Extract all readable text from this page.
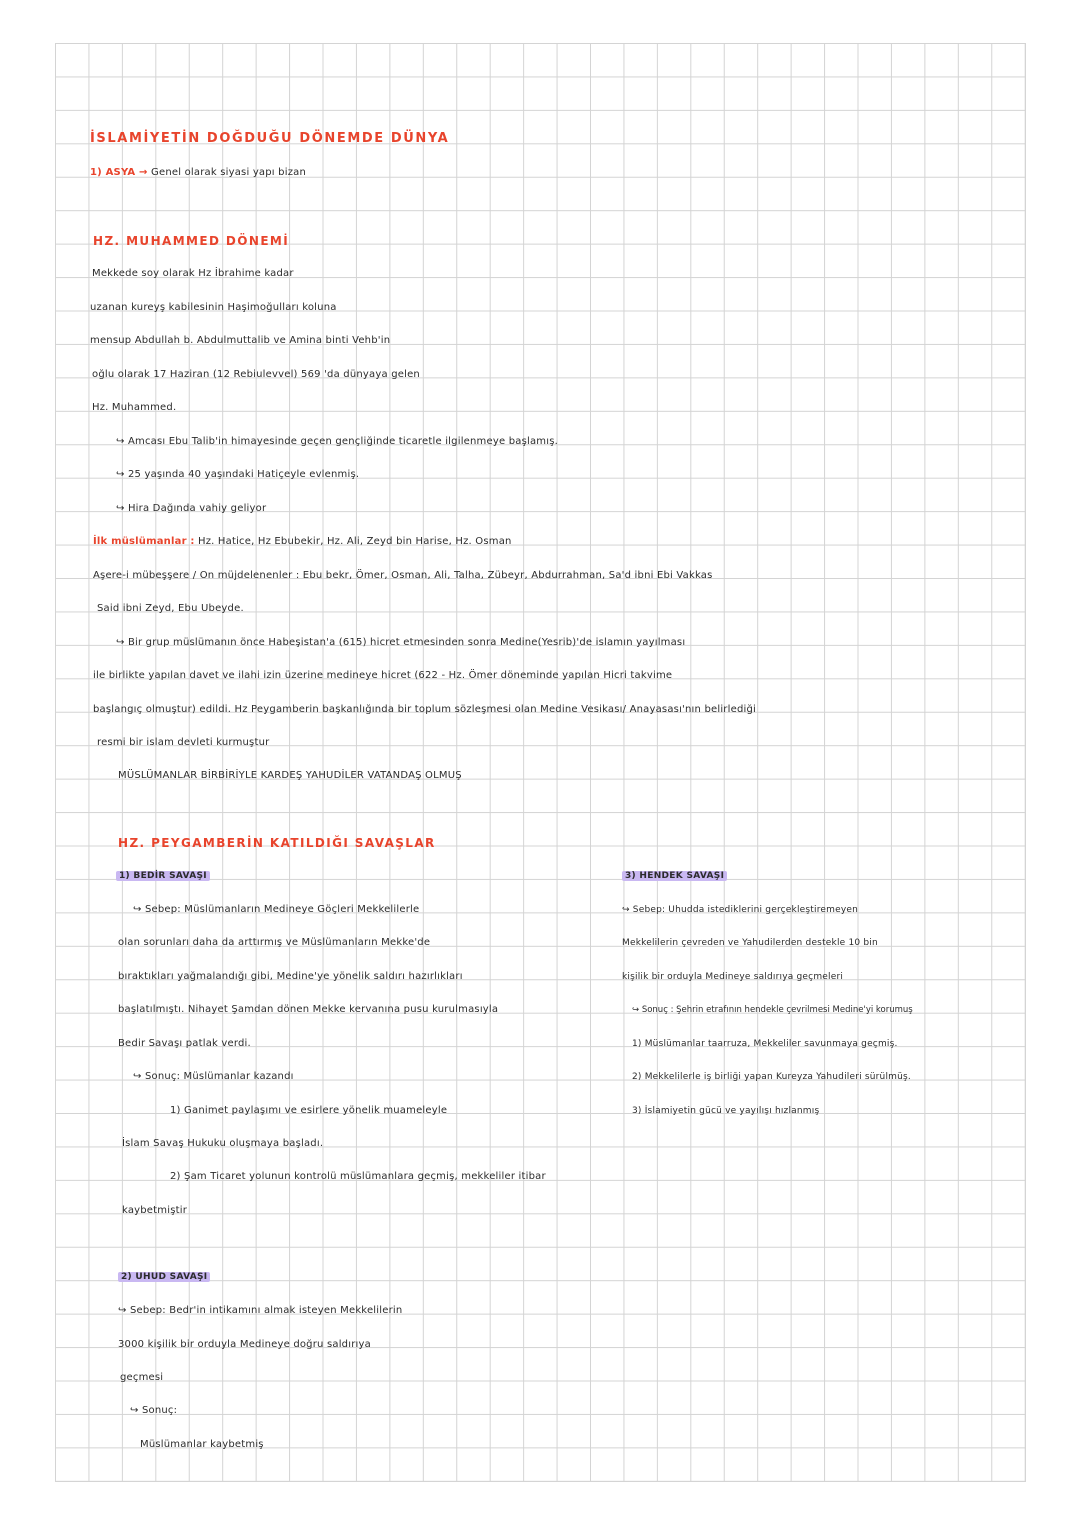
İSLAMİYETİN DOĞDUĞU DÖNEMDE DÜNYA
1) ASYA → Genel olarak siyasi yapı bizan
HZ. MUHAMMED DÖNEMİ
Mekkede soy olarak Hz İbrahime kadar
uzanan kureyş kabilesinin Haşimoğulları koluna
mensup Abdullah b. Abdulmuttalib ve Amina binti Vehb'in
oğlu olarak 17 Haziran (12 Rebiulevvel) 569 'da dünyaya gelen
Hz. Muhammed.
↪ Amcası Ebu Talib'in himayesinde geçen gençliğinde ticaretle ilgilenmeye başlamış.
↪ 25 yaşında 40 yaşındaki Hatiçeyle evlenmiş.
↪ Hira Dağında vahiy geliyor
İlk müslümanlar : Hz. Hatice, Hz Ebubekir, Hz. Ali, Zeyd bin Harise, Hz. Osman
Aşere-i mübeşşere / On müjdelenenler : Ebu bekr, Ömer, Osman, Ali, Talha, Zübeyr, Abdurrahman, Sa'd ibni Ebi Vakkas
Said ibni Zeyd, Ebu Ubeyde.
↪ Bir grup müslümanın önce Habeşistan'a (615) hicret etmesinden sonra Medine(Yesrib)'de islamın yayılması
ile birlikte yapılan davet ve ilahi izin üzerine medineye hicret (622 - Hz. Ömer döneminde yapılan Hicri takvime
başlangıç olmuştur) edildi. Hz Peygamberin başkanlığında bir toplum sözleşmesi olan Medine Vesikası/ Anayasası'nın belirlediği
resmi bir islam devleti kurmuştur
MÜSLÜMANLAR BİRBİRİYLE KARDEŞ YAHUDİLER VATANDAŞ OLMUŞ
HZ. PEYGAMBERİN KATILDIĞI SAVAŞLAR
1) BEDİR SAVAŞI
↪ Sebep: Müslümanların Medineye Göçleri Mekkelilerle
olan sorunları daha da arttırmış ve Müslümanların Mekke'de
bıraktıkları yağmalandığı gibi, Medine'ye yönelik saldırı hazırlıkları
başlatılmıştı. Nihayet Şamdan dönen Mekke kervanına pusu kurulmasıyla
Bedir Savaşı patlak verdi.
↪ Sonuç: Müslümanlar kazandı
1) Ganimet paylaşımı ve esirlere yönelik muameleyle
İslam Savaş Hukuku oluşmaya başladı.
2) Şam Ticaret yolunun kontrolü müslümanlara geçmiş, mekkeliler itibar
kaybetmiştir
2) UHUD SAVAŞI
↪ Sebep: Bedr'in intikamını almak isteyen Mekkelilerin
3000 kişilik bir orduyla Medineye doğru saldırıya
geçmesi
↪ Sonuç:
Müslümanlar kaybetmiş
3) HENDEK SAVAŞI
↪ Sebep: Uhudda istediklerini gerçekleştiremeyen
Mekkelilerin çevreden ve Yahudilerden destekle 10 bin
kişilik bir orduyla Medineye saldırıya geçmeleri
↪ Sonuç : Şehrin etrafının hendekle çevrilmesi Medine'yi korumuş
1) Müslümanlar taarruza, Mekkeliler savunmaya geçmiş.
2) Mekkelilerle iş birliği yapan Kureyza Yahudileri sürülmüş.
3) İslamiyetin gücü ve yayılışı hızlanmış
